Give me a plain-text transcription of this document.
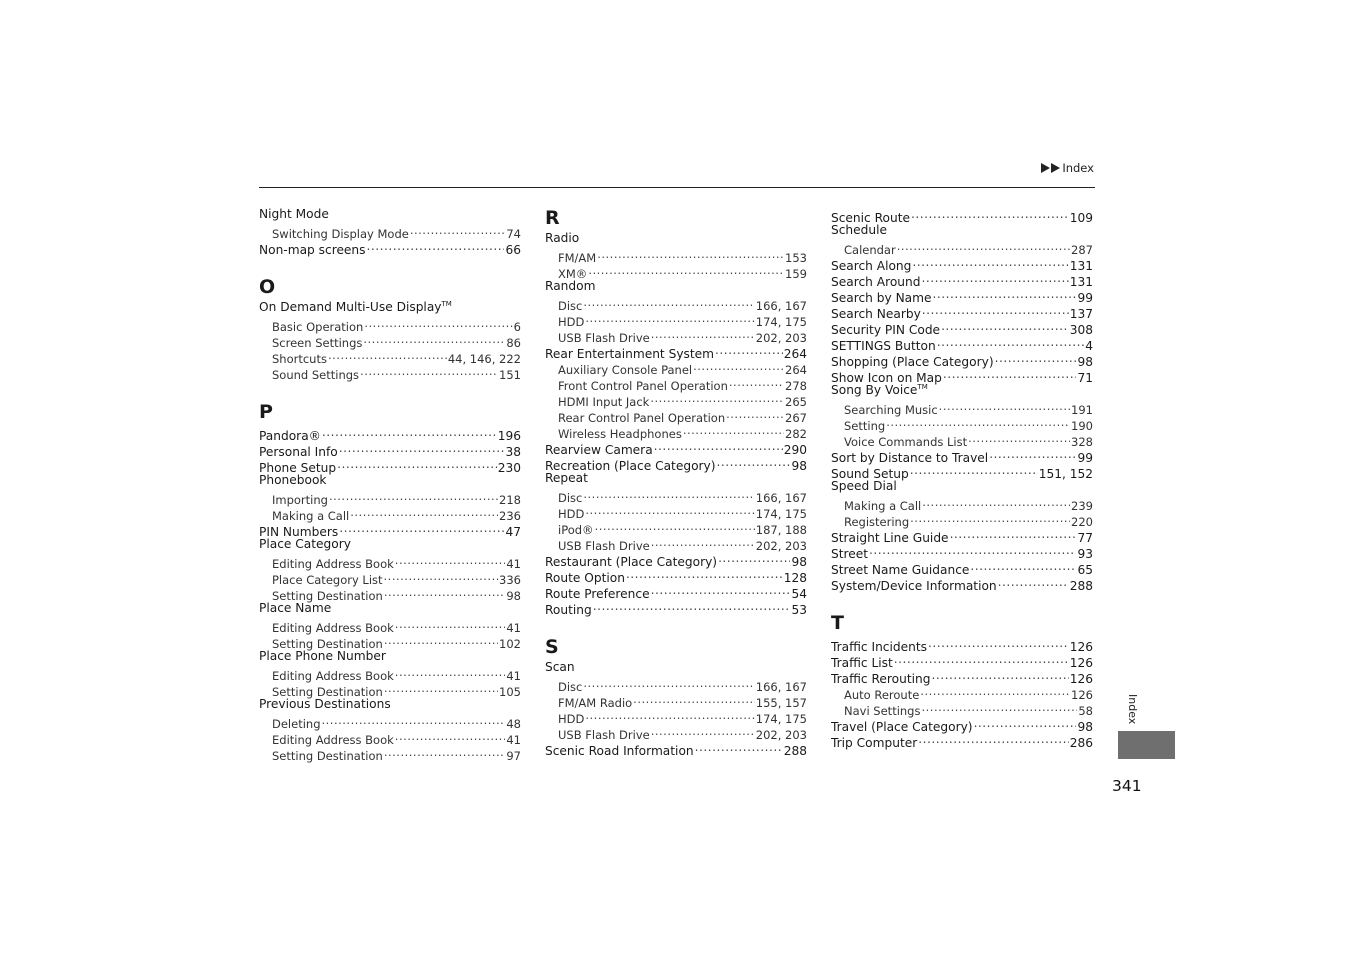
Index
Night Mode
Switching Display Mode .....	74
Non-map screens .....	66
O
On Demand Multi-Use Display™
Basic Operation .....	6
Screen Settings .....	86
Shortcuts .....	44, 146, 222
Sound Settings .....	151
P
Pandora® .....	196
Personal Info .....	38
Phone Setup .....	230
Phonebook
Importing .....	218
Making a Call .....	236
PIN Numbers .....	47
Place Category
Editing Address Book .....	41
Place Category List .....	336
Setting Destination .....	98
Place Name
Editing Address Book .....	41
Setting Destination .....	102
Place Phone Number
Editing Address Book .....	41
Setting Destination .....	105
Previous Destinations
Deleting .....	48
Editing Address Book .....	41
Setting Destination .....	97
R
Radio
FM/AM .....	153
XM® .....	159
Random
Disc .....	166, 167
HDD .....	174, 175
USB Flash Drive .....	202, 203
Rear Entertainment System .....	264
Auxiliary Console Panel .....	264
Front Control Panel Operation .....	278
HDMI Input Jack .....	265
Rear Control Panel Operation .....	267
Wireless Headphones .....	282
Rearview Camera .....	290
Recreation (Place Category) .....	98
Repeat
Disc .....	166, 167
HDD .....	174, 175
iPod® .....	187, 188
USB Flash Drive .....	202, 203
Restaurant (Place Category) .....	98
Route Option .....	128
Route Preference .....	54
Routing .....	53
S
Scan
Disc .....	166, 167
FM/AM Radio .....	155, 157
HDD .....	174, 175
USB Flash Drive .....	202, 203
Scenic Road Information .....	288
Scenic Route .....	109
Schedule
Calendar .....	287
Search Along .....	131
Search Around .....	131
Search by Name .....	99
Search Nearby .....	137
Security PIN Code .....	308
SETTINGS Button .....	4
Shopping (Place Category) .....	98
Show Icon on Map .....	71
Song By Voice™
Searching Music .....	191
Setting .....	190
Voice Commands List .....	328
Sort by Distance to Travel .....	99
Sound Setup .....	151, 152
Speed Dial
Making a Call .....	239
Registering .....	220
Straight Line Guide .....	77
Street .....	93
Street Name Guidance .....	65
System/Device Information .....	288
T
Traffic Incidents .....	126
Traffic List .....	126
Traffic Rerouting .....	126
Auto Reroute .....	126
Navi Settings .....	58
Travel (Place Category) .....	98
Trip Computer .....	286
Index
341
